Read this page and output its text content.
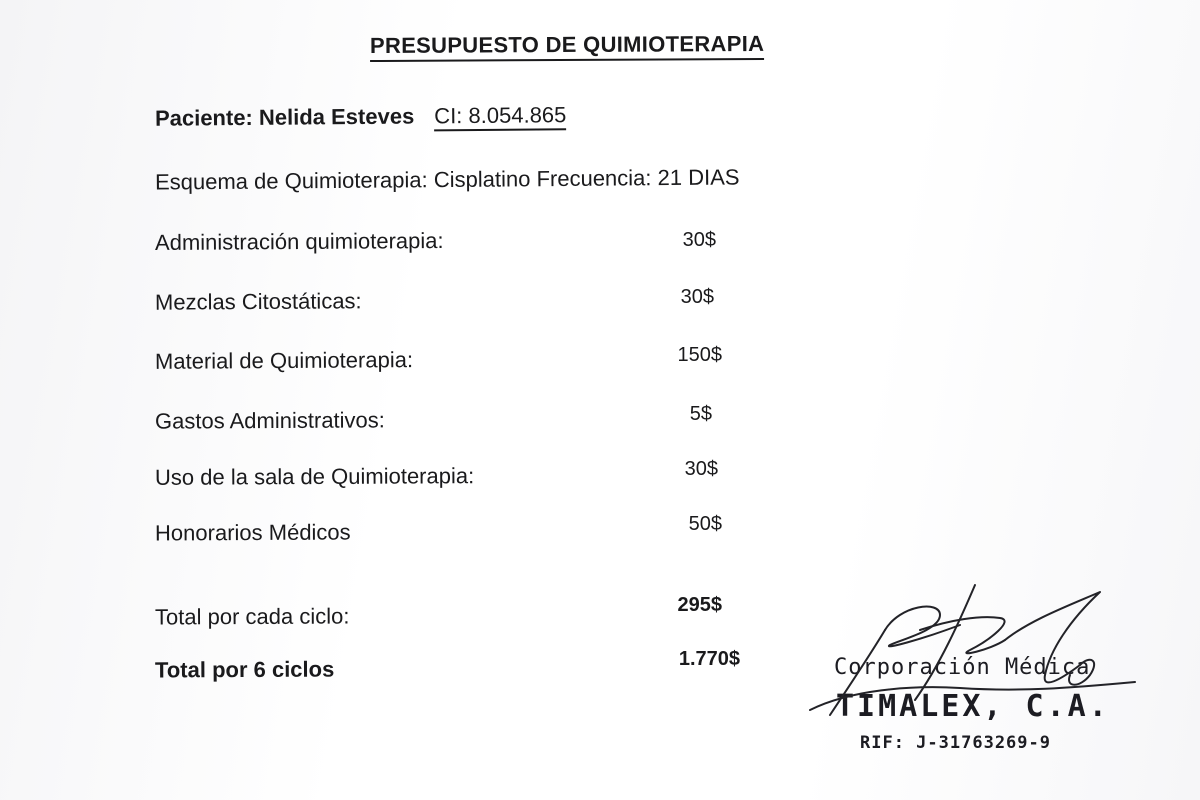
PRESUPUESTO DE QUIMIOTERAPIA
Paciente: Nelida Esteves CI: 8.054.865
Esquema de Quimioterapia: Cisplatino Frecuencia: 21 DIAS
Administración quimioterapia:	30$
Mezclas Citostáticas:	30$
Material de Quimioterapia:	150$
Gastos Administrativos:	5$
Uso de la sala de Quimioterapia:	30$
Honorarios Médicos	50$
Total por cada ciclo:	295$
Total por 6 ciclos	1.770$	Corporación Médica
TIMALEX, C.A.
RIF: J-31763269-9
